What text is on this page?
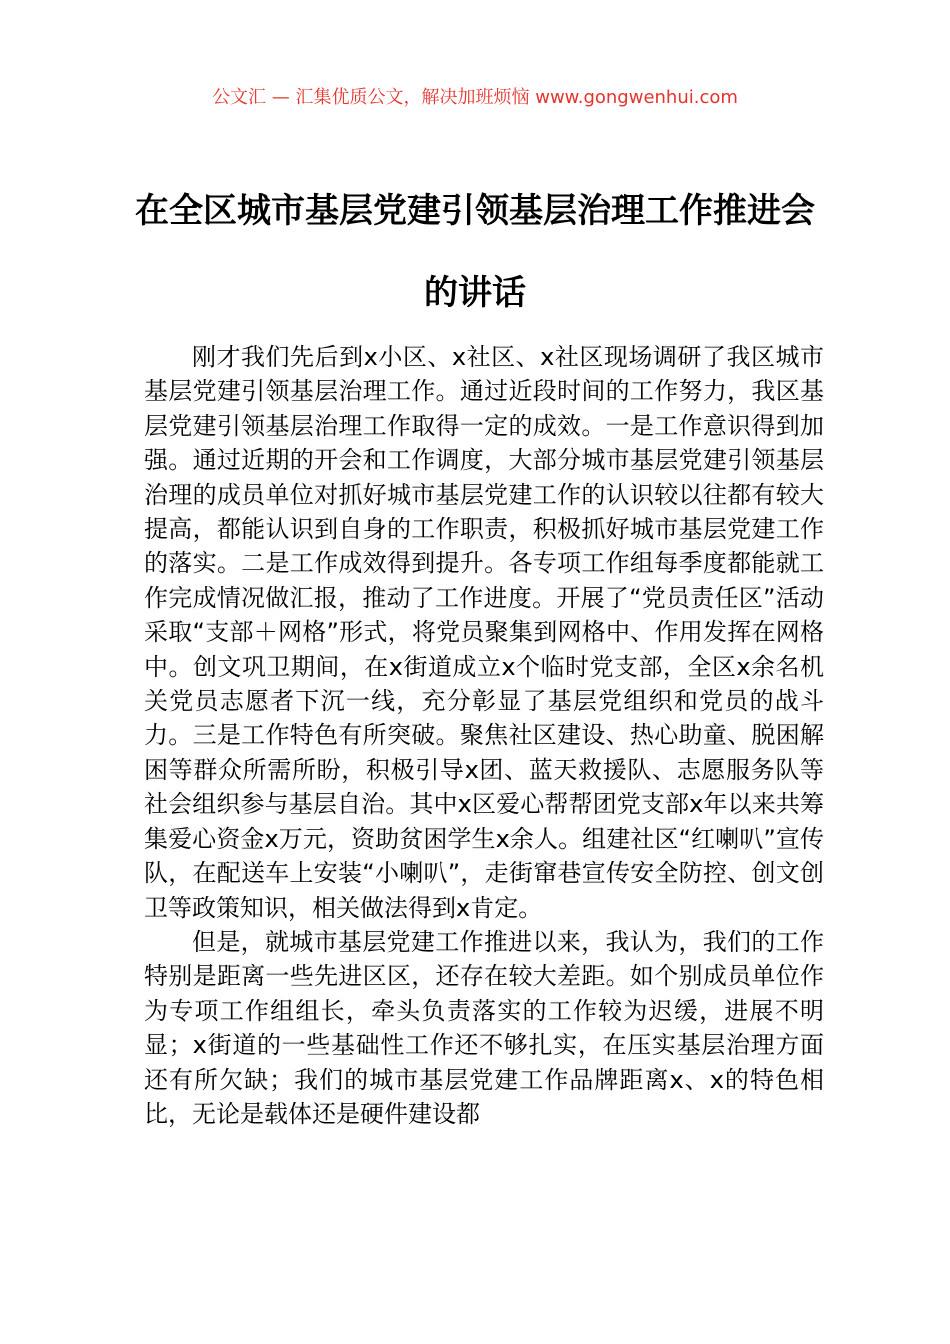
公文汇 — 汇集优质公文，解决加班烦恼 www.gongwenhui.com
在全区城市基层党建引领基层治理工作推进会的讲话

刚才我们先后到x小区、x社区、x社区现场调研了我区城市基层党建引领基层治理工作。通过近段时间的工作努力，我区基层党建引领基层治理工作取得一定的成效。一是工作意识得到加强。通过近期的开会和工作调度，大部分城市基层党建引领基层治理的成员单位对抓好城市基层党建工作的认识较以往都有较大提高，都能认识到自身的工作职责，积极抓好城市基层党建工作的落实。二是工作成效得到提升。各专项工作组每季度都能就工作完成情况做汇报，推动了工作进度。开展了“党员责任区”活动采取“支部＋网格”形式，将党员聚集到网格中、作用发挥在网格中。创文巩卫期间，在x街道成立x个临时党支部，全区x余名机关党员志愿者下沉一线，充分彰显了基层党组织和党员的战斗力。三是工作特色有所突破。聚焦社区建设、热心助童、脱困解困等群众所需所盼，积极引导x团、蓝天救援队、志愿服务队等社会组织参与基层自治。其中x区爱心帮帮团党支部x年以来共筹集爱心资金x万元，资助贫困学生x余人。组建社区“红喇叭”宣传队，在配送车上安装“小喇叭”，走街窜巷宣传安全防控、创文创卫等政策知识，相关做法得到x肯定。

但是，就城市基层党建工作推进以来，我认为，我们的工作特别是距离一些先进区区，还存在较大差距。如个别成员单位作为专项工作组组长，牵头负责落实的工作较为迟缓，进展不明显；x街道的一些基础性工作还不够扎实，在压实基层治理方面还有所欠缺；我们的城市基层党建工作品牌距离x、x的特色相比，无论是载体还是硬件建设都
